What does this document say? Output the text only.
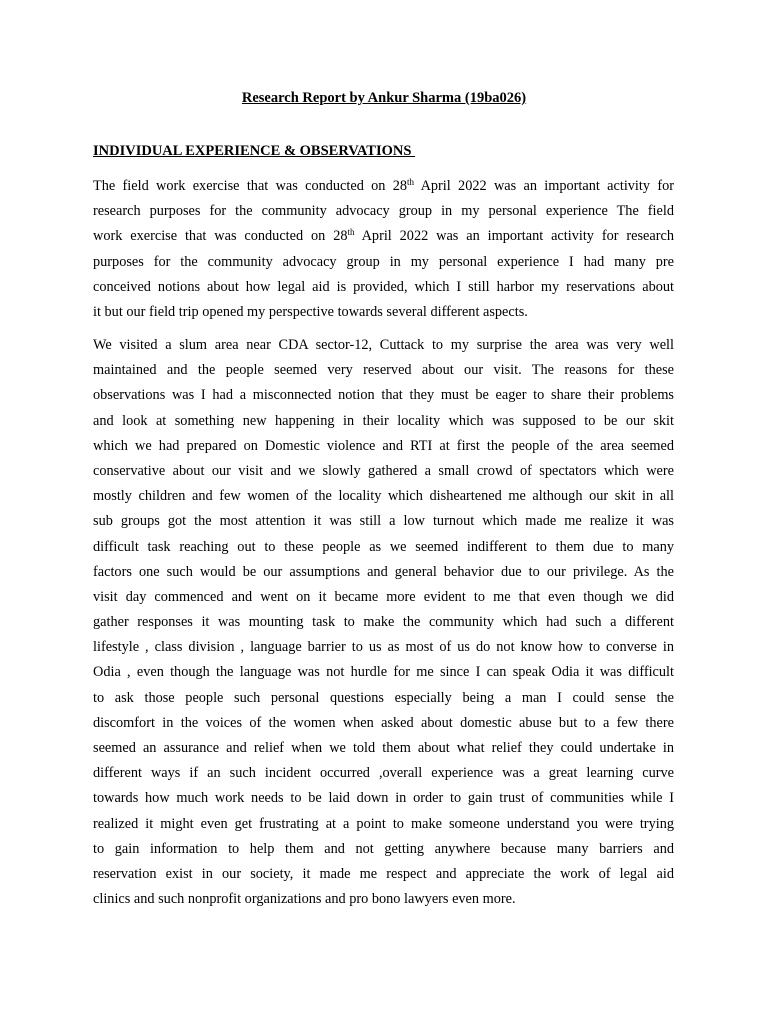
Research Report by Ankur Sharma (19ba026)
INDIVIDUAL EXPERIENCE & OBSERVATIONS
The field work exercise that was conducted on 28th April 2022 was an important activity for
research purposes for the community advocacy group in my personal experience The field
work exercise that was conducted on 28th April 2022 was an important activity for research
purposes for the community advocacy group in my personal experience I had many pre
conceived notions about how legal aid is provided, which I still harbor my reservations about
it but our field trip opened my perspective towards several different aspects.
We visited a slum area near CDA sector-12, Cuttack to my surprise the area was very well
maintained and the people seemed very reserved about our visit. The reasons for these
observations was I had a misconnected notion that they must be eager to share their problems
and look at something new happening in their locality which was supposed to be our skit
which we had prepared on Domestic violence and RTI at first the people of the area seemed
conservative about our visit and we slowly gathered a small crowd of spectators which were
mostly children and few women of the locality which disheartened me although our skit in all
sub groups got the most attention it was still a low turnout which made me realize it was
difficult task reaching out to these people as we seemed indifferent to them due to many
factors one such would be our assumptions and general behavior due to our privilege. As the
visit day commenced and went on it became more evident to me that even though we did
gather responses it was mounting task to make the community which had such a different
lifestyle , class division , language barrier to us as most of us do not know how to converse in
Odia , even though the language was not hurdle for me since I can speak Odia it was difficult
to ask those people such personal questions especially being a man I could sense the
discomfort in the voices of the women when asked about domestic abuse but to a few there
seemed an assurance and relief when we told them about what relief they could undertake in
different ways if an such incident occurred ,overall experience was a great learning curve
towards how much work needs to be laid down in order to gain trust of communities while I
realized it might even get frustrating at a point to make someone understand you were trying
to gain information to help them and not getting anywhere because many barriers and
reservation exist in our society, it made me respect and appreciate the work of legal aid
clinics and such nonprofit organizations and pro bono lawyers even more.
